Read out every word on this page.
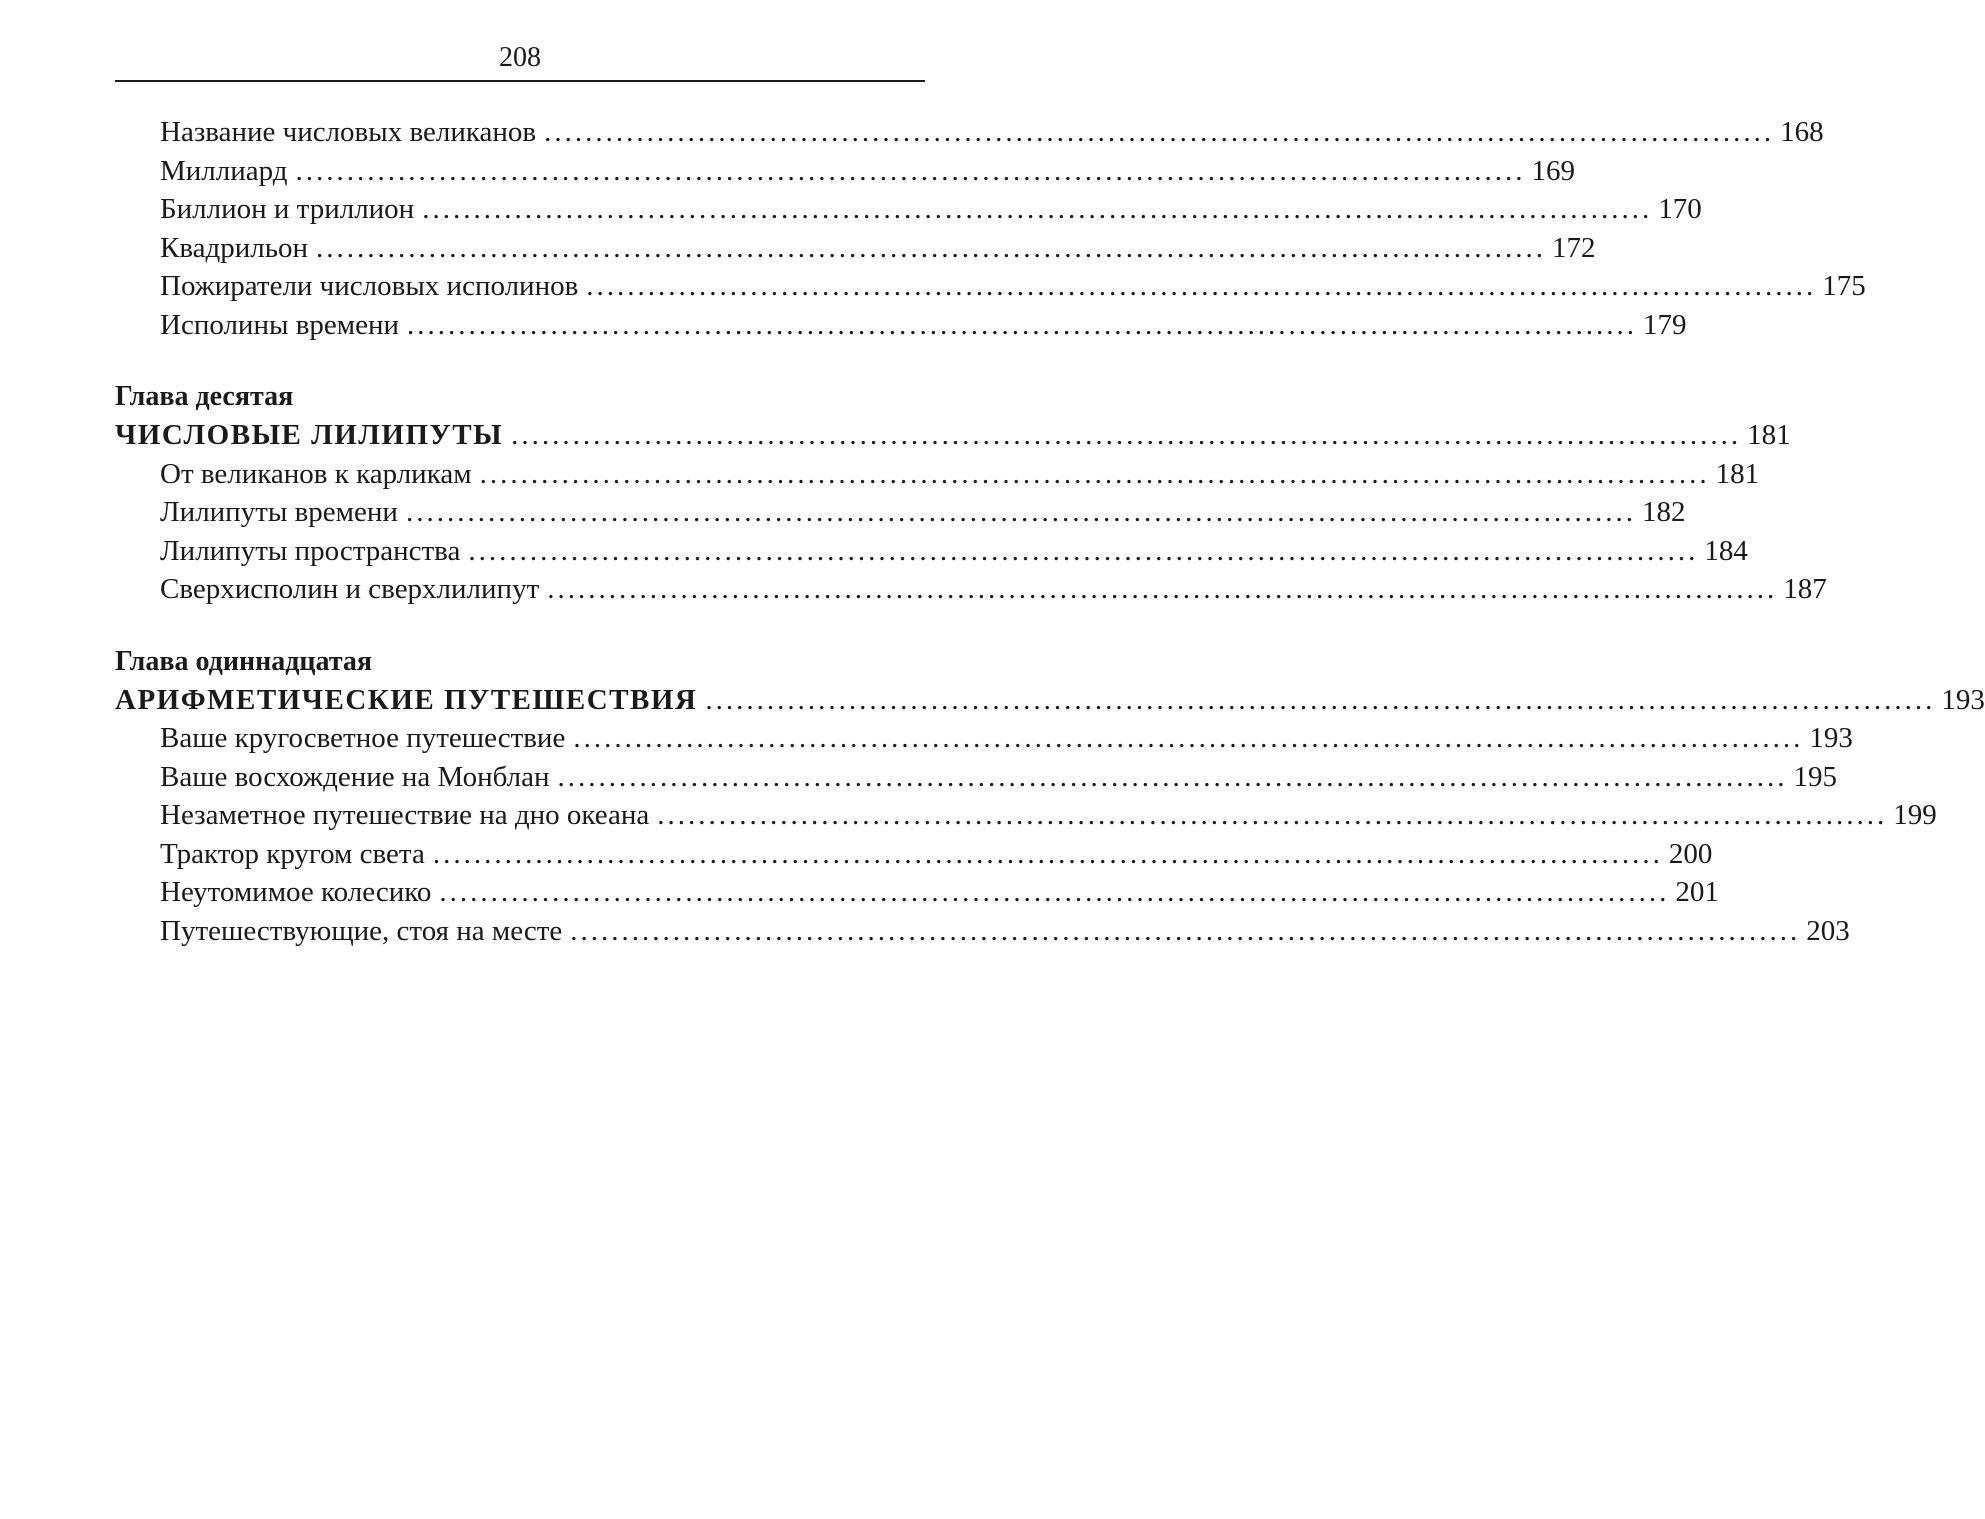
208
Название числовых великанов ........................................................................................................................ 168
Миллиард ........................................................................................................................ 169
Биллион и триллион ........................................................................................................................ 170
Квадрильон ........................................................................................................................ 172
Пожиратели числовых исполинов ........................................................................................................................ 175
Исполины времени ........................................................................................................................ 179
Глава десятая
ЧИСЛОВЫЕ ЛИЛИПУТЫ ........................................................................................................................ 181
От великанов к карликам ........................................................................................................................ 181
Лилипуты времени ........................................................................................................................ 182
Лилипуты пространства ........................................................................................................................ 184
Сверхисполин и сверхлилипут ........................................................................................................................ 187
Глава одиннадцатая
АРИФМЕТИЧЕСКИЕ ПУТЕШЕСТВИЯ ........................................................................................................................ 193
Ваше кругосветное путешествие ........................................................................................................................ 193
Ваше восхождение на Монблан ........................................................................................................................ 195
Незаметное путешествие на дно океана ........................................................................................................................ 199
Трактор кругом света ........................................................................................................................ 200
Неутомимое колесико ........................................................................................................................ 201
Путешествующие, стоя на месте ........................................................................................................................ 203
